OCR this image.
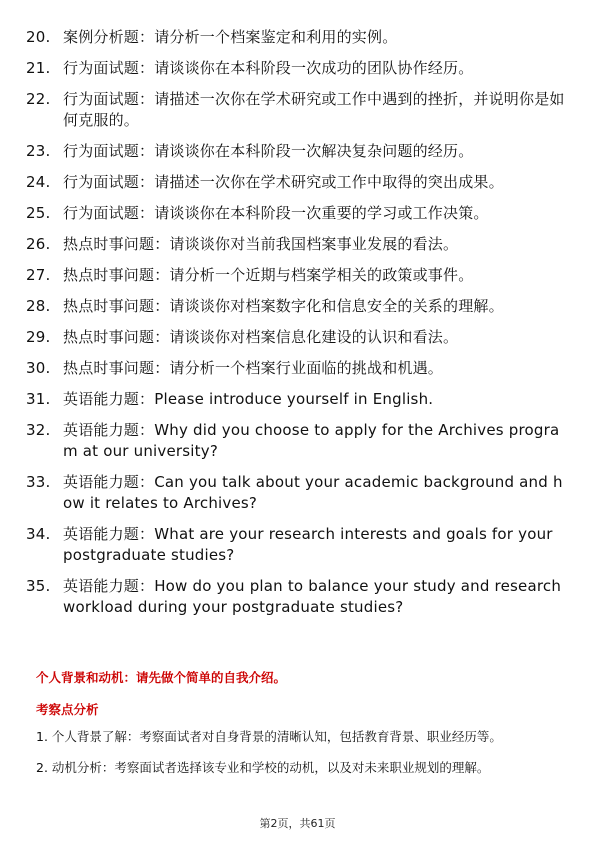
20. 案例分析题：请分析一个档案鉴定和利用的实例。
21. 行为面试题：请谈谈你在本科阶段一次成功的团队协作经历。
22. 行为面试题：请描述一次你在学术研究或工作中遇到的挫折，并说明你是如何克服的。
23. 行为面试题：请谈谈你在本科阶段一次解决复杂问题的经历。
24. 行为面试题：请描述一次你在学术研究或工作中取得的突出成果。
25. 行为面试题：请谈谈你在本科阶段一次重要的学习或工作决策。
26. 热点时事问题：请谈谈你对当前我国档案事业发展的看法。
27. 热点时事问题：请分析一个近期与档案学相关的政策或事件。
28. 热点时事问题：请谈谈你对档案数字化和信息安全的关系的理解。
29. 热点时事问题：请谈谈你对档案信息化建设的认识和看法。
30. 热点时事问题：请分析一个档案行业面临的挑战和机遇。
31. 英语能力题：Please introduce yourself in English.
32. 英语能力题：Why did you choose to apply for the Archives program at our university?
33. 英语能力题：Can you talk about your academic background and how it relates to Archives?
34. 英语能力题：What are your research interests and goals for your postgraduate studies?
35. 英语能力题：How do you plan to balance your study and research workload during your postgraduate studies?
个人背景和动机：请先做个简单的自我介绍。
考察点分析
1. 个人背景了解：考察面试者对自身背景的清晰认知，包括教育背景、职业经历等。
2. 动机分析：考察面试者选择该专业和学校的动机，以及对未来职业规划的理解。
第2页，共61页
